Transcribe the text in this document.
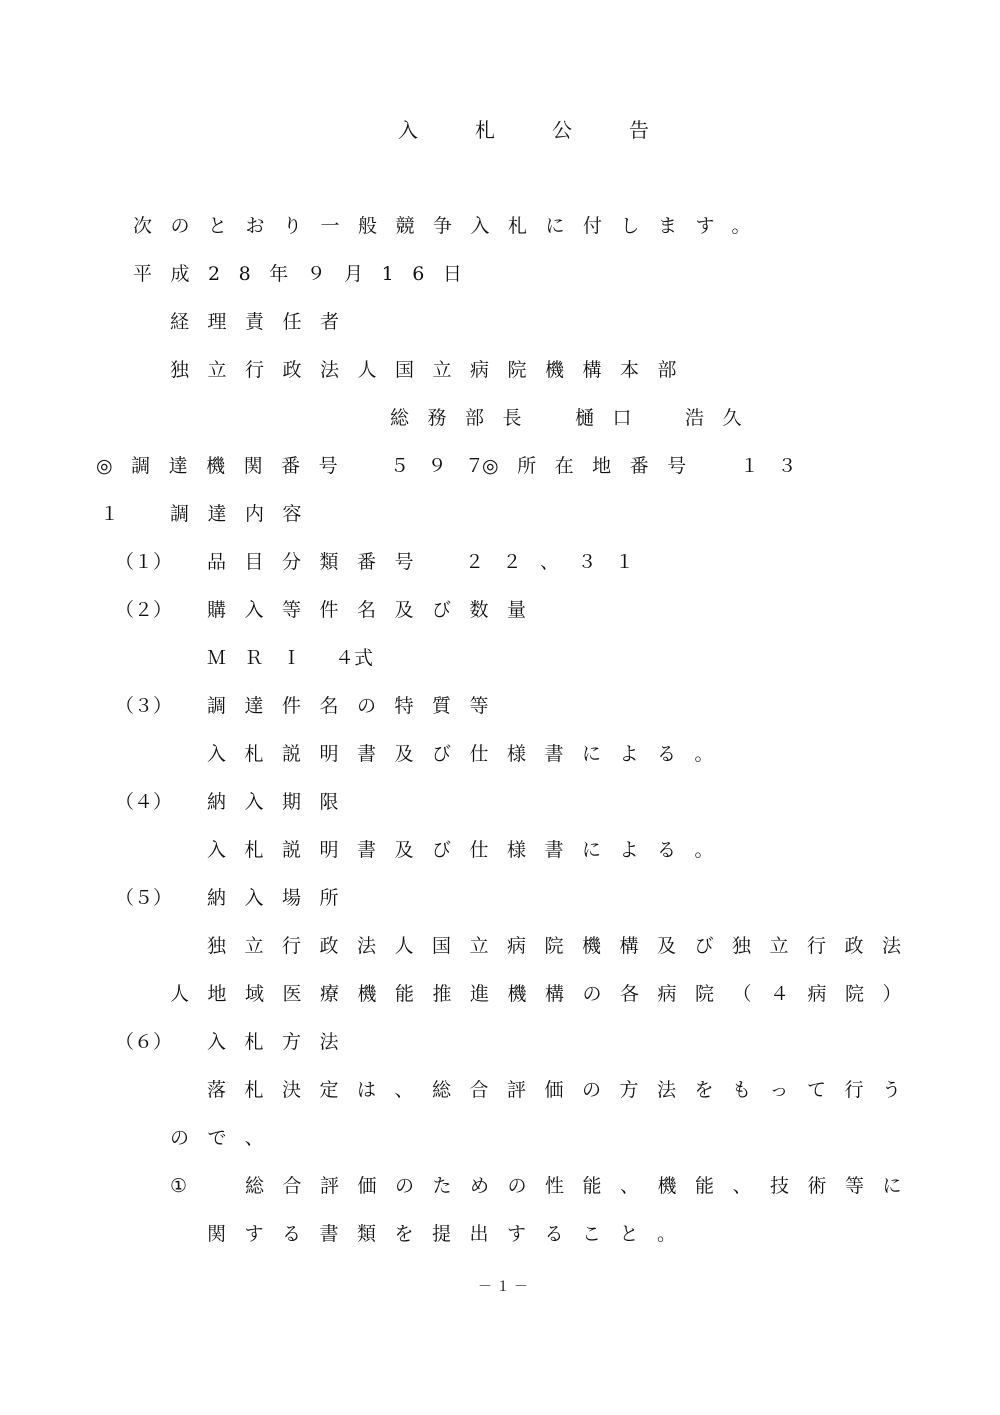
入札公告
次のとおり一般競争入札に付します。
平成28年９月16日
経理責任者
独立行政法人国立病院機構本部
総務部長 樋口 浩久
◎調達機関番号 ５９７
◎所在地番号 １３
１	調達内容
（１） 品目分類番号 ２２、３１
（２） 購入等件名及び数量
ＭＲＩ ４式
（３） 調達件名の特質等
入札説明書及び仕様書による。
（４） 納入期限
入札説明書及び仕様書による。
（５） 納入場所
独立行政法人国立病院機構及び独立行政法
人地域医療機能推進機構の各病院（４病院）
（６） 入札方法
落札決定は、総合評価の方法をもって行う
ので、
①	総合評価のための性能、機能、技術等に
関する書類を提出すること。
－１－
